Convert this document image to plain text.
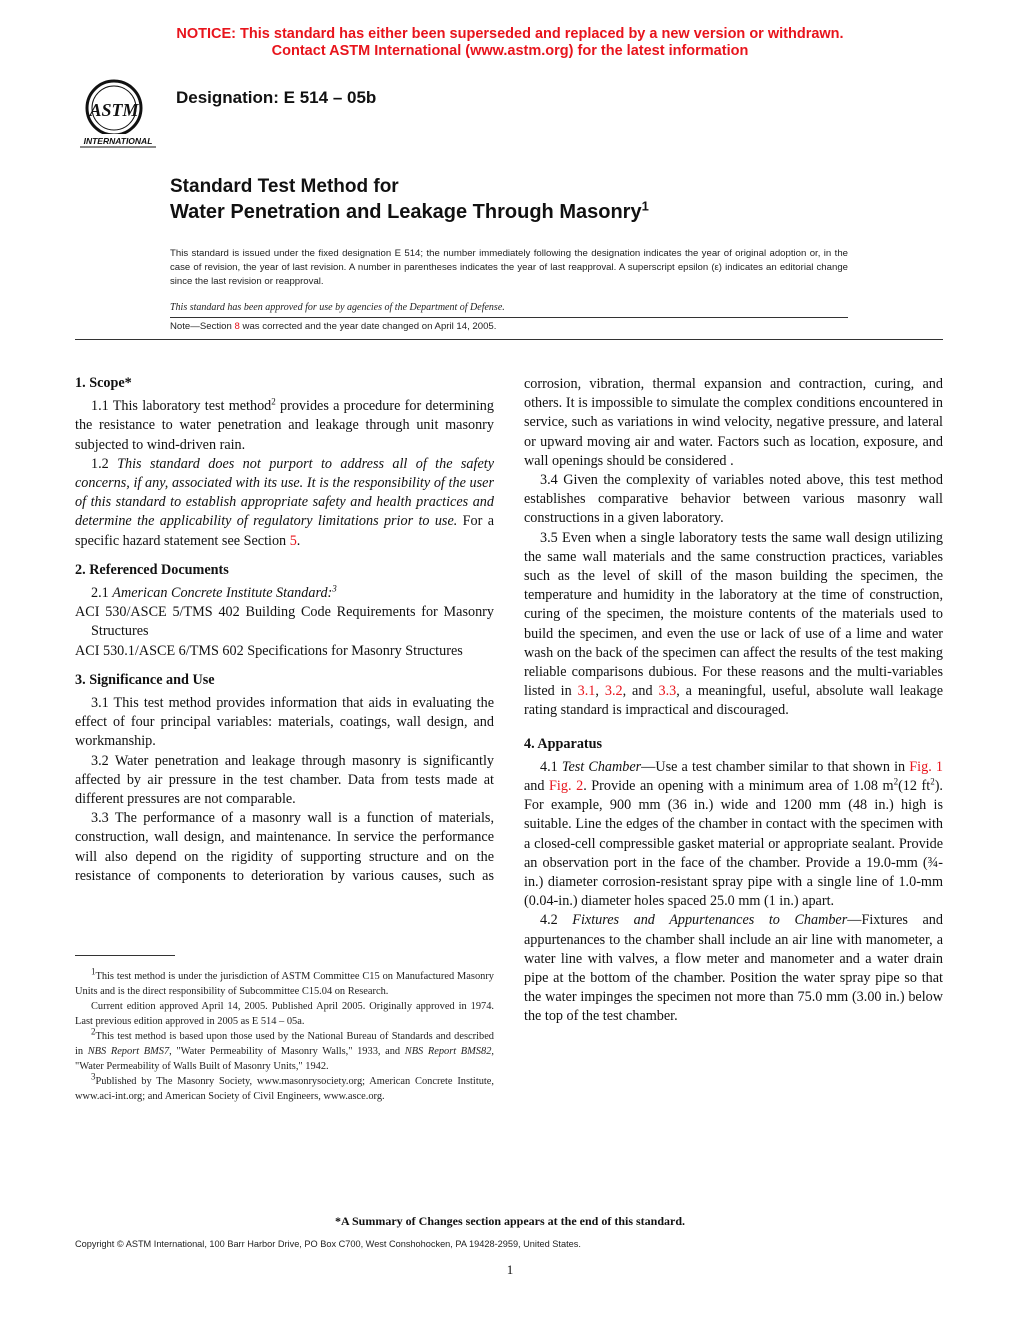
NOTICE: This standard has either been superseded and replaced by a new version or withdrawn.
Contact ASTM International (www.astm.org) for the latest information
ASTM
INTERNATIONAL
Designation: E 514 – 05b
Standard Test Method for
Water Penetration and Leakage Through Masonry$^1$
This standard is issued under the fixed designation E 514; the number immediately following the designation indicates the year of original adoption or, in the case of revision, the year of last revision. A number in parentheses indicates the year of last reapproval. A superscript epsilon (ε) indicates an editorial change since the last revision or reapproval.
This standard has been approved for use by agencies of the Department of Defense.
Note—Section 8 was corrected and the year date changed on April 14, 2005.
1. Scope*

1.1 This laboratory test method$^2$ provides a procedure for determining the resistance to water penetration and leakage through unit masonry subjected to wind-driven rain.

1.2 This standard does not purport to address all of the safety concerns, if any, associated with its use. It is the responsibility of the user of this standard to establish appropriate safety and health practices and determine the applicability of regulatory limitations prior to use. For a specific hazard statement see Section 5.

2. Referenced Documents

2.1 American Concrete Institute Standard:$^3$

ACI 530/ASCE 5/TMS 402 Building Code Requirements for Masonry Structures

ACI 530.1/ASCE 6/TMS 602 Specifications for Masonry Structures

3. Significance and Use

3.1 This test method provides information that aids in evaluating the effect of four principal variables: materials, coatings, wall design, and workmanship.

3.2 Water penetration and leakage through masonry is significantly affected by air pressure in the test chamber. Data from tests made at different pressures are not comparable.

3.3 The performance of a masonry wall is a function of materials, construction, wall design, and maintenance. In service the performance will also depend on the rigidity of supporting structure and on the resistance of components to deterioration by various causes, such as

corrosion, vibration, thermal expansion and contraction, curing, and others. It is impossible to simulate the complex conditions encountered in service, such as variations in wind velocity, negative pressure, and lateral or upward moving air and water. Factors such as location, exposure, and wall openings should be considered .

3.4 Given the complexity of variables noted above, this test method establishes comparative behavior between various masonry wall constructions in a given laboratory.

3.5 Even when a single laboratory tests the same wall design utilizing the same wall materials and the same construction practices, variables such as the level of skill of the mason building the specimen, the temperature and humidity in the laboratory at the time of construction, curing of the specimen, the moisture contents of the materials used to build the specimen, and even the use or lack of use of a lime and water wash on the back of the specimen can affect the results of the test making reliable comparisons dubious. For these reasons and the multi-variables listed in 3.1, 3.2, and 3.3, a meaningful, useful, absolute wall leakage rating standard is impractical and discouraged.

4. Apparatus

4.1 Test Chamber—Use a test chamber similar to that shown in Fig. 1 and Fig. 2. Provide an opening with a minimum area of 1.08 $m^2(12$ $ft^2$). For example, 900 mm (36 in.) wide and 1200 mm (48 in.) high is suitable. Line the edges of the chamber in contact with the specimen with a closed-cell compressible gasket material or appropriate sealant. Provide an observation port in the face of the chamber. Provide a 19.0-mm (¾-in.) diameter corrosion-resistant spray pipe with a single line of 1.0-mm (0.04-in.) diameter holes spaced 25.0 mm (1 in.) apart.

4.2 Fixtures and Appurtenances to Chamber—Fixtures and appurtenances to the chamber shall include an air line with manometer, a water line with valves, a flow meter and manometer and a water drain pipe at the bottom of the chamber. Position the water spray pipe so that the water impinges the specimen not more than 75.0 mm (3.00 in.) below the top of the test chamber.

$^1$This test method is under the jurisdiction of ASTM Committee C15 on Manufactured Masonry Units and is the direct responsibility of Subcommittee C15.04 on Research.

Current edition approved April 14, 2005. Published April 2005. Originally approved in 1974. Last previous edition approved in 2005 as E 514 – 05a.

$^2$This test method is based upon those used by the National Bureau of Standards and described in NBS Report BMS7, "Water Permeability of Masonry Walls," 1933, and NBS Report BMS82, "Water Permeability of Walls Built of Masonry Units," 1942.

$^3$Published by The Masonry Society, www.masonrysociety.org; American Concrete Institute, www.aci-int.org; and American Society of Civil Engineers, www.asce.org.

*A Summary of Changes section appears at the end of this standard.
Copyright © ASTM International, 100 Barr Harbor Drive, PO Box C700, West Conshohocken, PA 19428-2959, United States.
1
